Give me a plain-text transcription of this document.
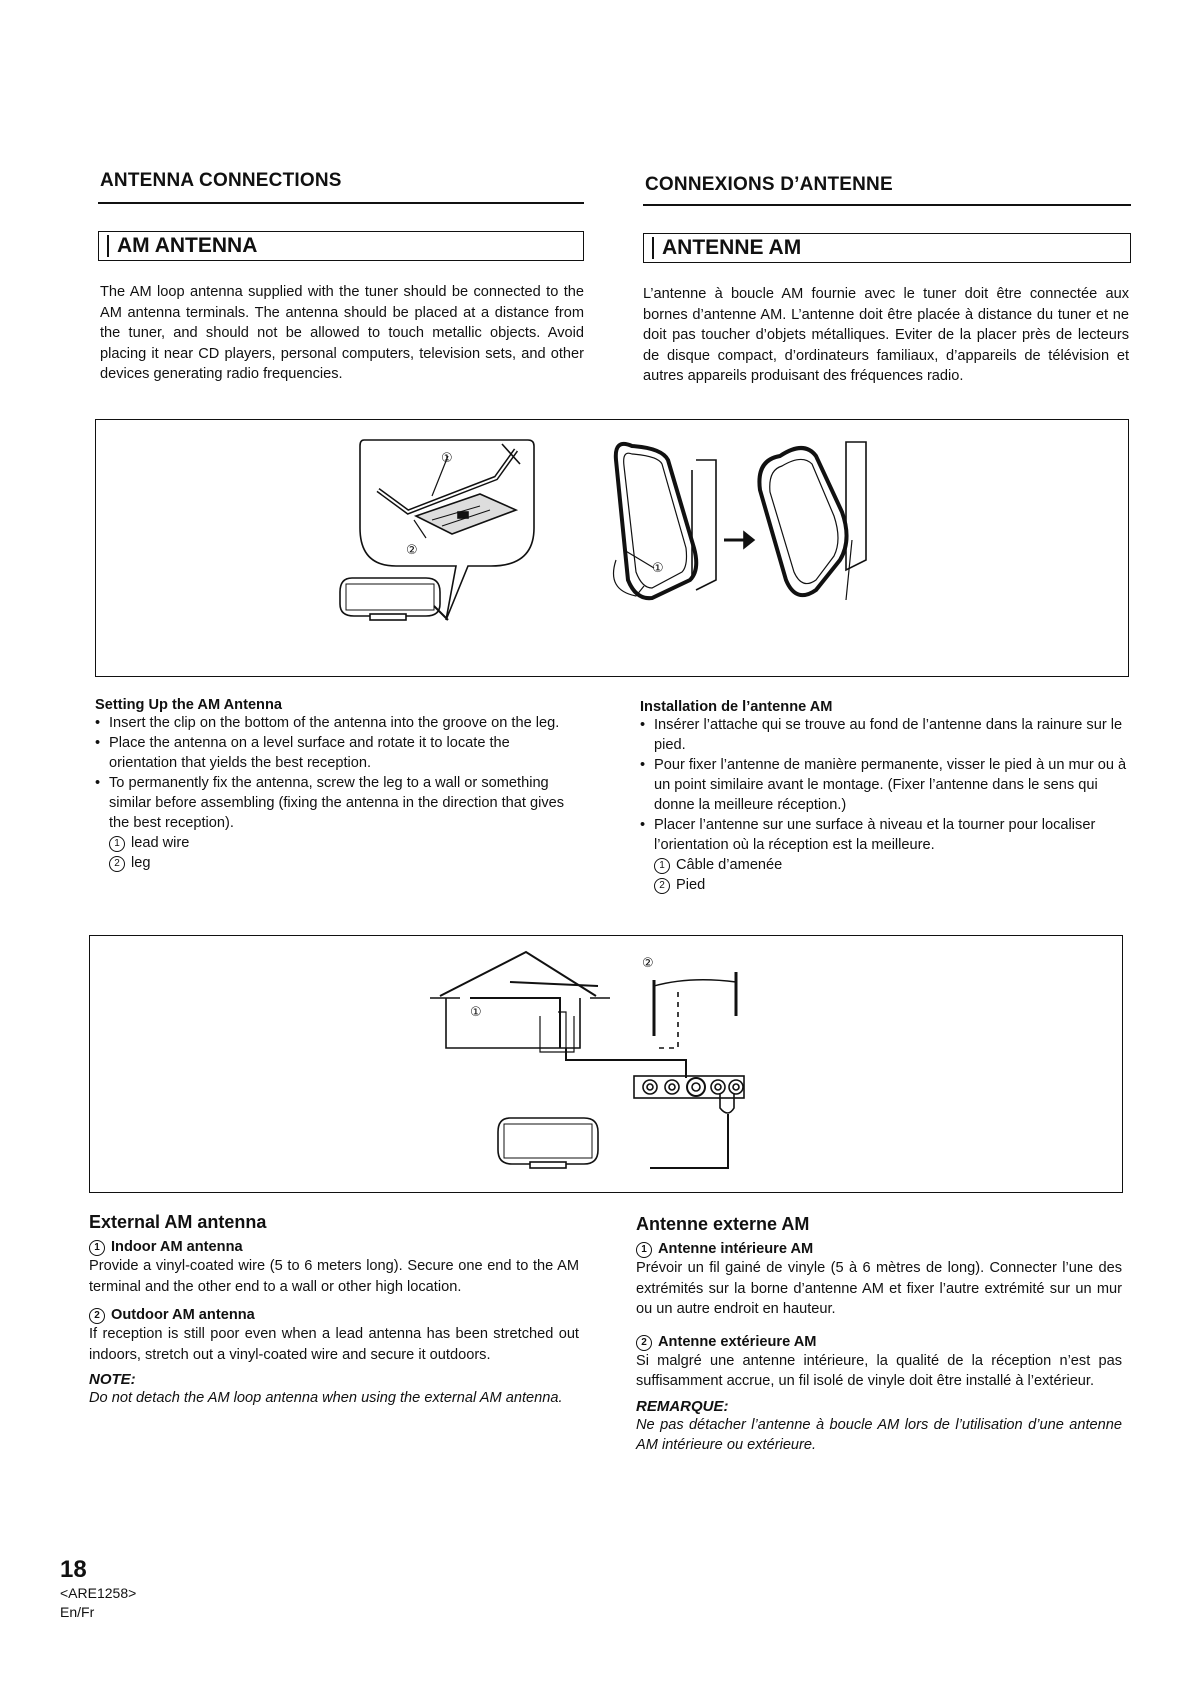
ANTENNA CONNECTIONS
AM ANTENNA
The AM loop antenna supplied with the tuner should be connected to the AM antenna terminals. The antenna should be placed at a distance from the tuner, and should not be allowed to touch metallic objects. Avoid placing it near CD players, personal computers, television sets, and other devices generating radio frequencies.
CONNEXIONS D’ANTENNE
ANTENNE AM
L’antenne à boucle AM fournie avec le tuner doit être connectée aux bornes d’antenne AM. L’antenne doit être placée à distance du tuner et ne doit pas toucher d’objets métalliques. Eviter de la placer près de lecteurs de disque compact, d’ordinateurs familiaux, d’appareils de télévision et autres appareils produisant des fréquences radio.
①
②
①
Setting Up the AM Antenna
• Insert the clip on the bottom of the antenna into the groove on the leg.
• Place the antenna on a level surface and rotate it to locate the orientation that yields the best reception.
• To permanently fix the antenna, screw the leg to a wall or something similar before assembling (fixing the antenna in the direction that gives the best reception).
1 lead wire
2 leg
Installation de l’antenne AM
• Insérer l’attache qui se trouve au fond de l’antenne dans la rainure sur le pied.
• Pour fixer l’antenne de manière permanente, visser le pied à un mur ou à un point similaire avant le montage. (Fixer l’antenne dans le sens qui donne la meilleure réception.)
• Placer l’antenne sur une surface à niveau et la tourner pour localiser l’orientation où la réception est la meilleure.
1 Câble d’amenée
2 Pied
①
②
External AM antenna
1 Indoor AM antenna
Provide a vinyl-coated wire (5 to 6 meters long). Secure one end to the AM terminal and the other end to a wall or other high location.
2 Outdoor AM antenna
If reception is still poor even when a lead antenna has been stretched out indoors, stretch out a vinyl-coated wire and secure it outdoors.
NOTE:
Do not detach the AM loop antenna when using the external AM antenna.
Antenne externe AM
1 Antenne intérieure AM
Prévoir un fil gainé de vinyle (5 à 6 mètres de long). Connecter l’une des extrémités sur la borne d’antenne AM et fixer l’autre extrémité sur un mur ou un autre endroit en hauteur.
2 Antenne extérieure AM
Si malgré une antenne intérieure, la qualité de la réception n’est pas suffisamment accrue, un fil isolé de vinyle doit être installé à l’extérieur.
REMARQUE:
Ne pas détacher l’antenne à boucle AM lors de l’utilisation d’une antenne AM intérieure ou extérieure.
18
<ARE1258>
En/Fr
